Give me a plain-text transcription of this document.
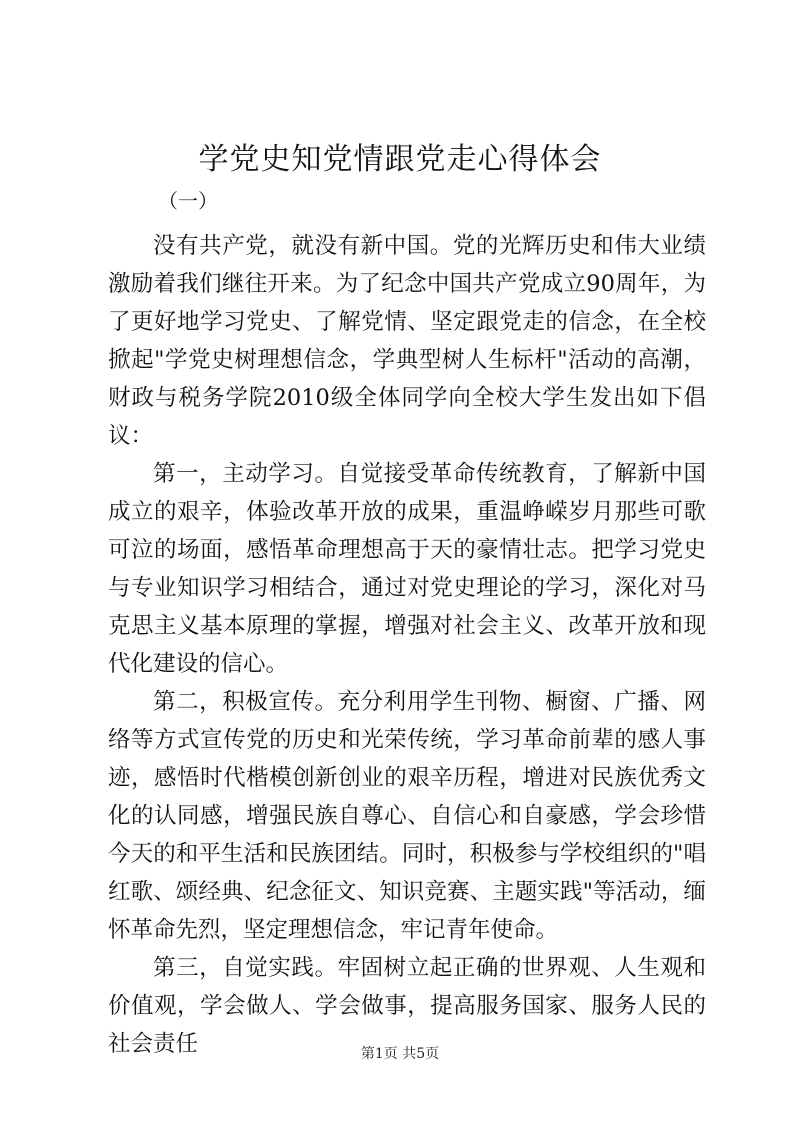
学党史知党情跟党走心得体会

（一）

没有共产党，就没有新中国。党的光辉历史和伟大业绩激励着我们继往开来。为了纪念中国共产党成立90周年，为了更好地学习党史、了解党情、坚定跟党走的信念，在全校掀起"学党史树理想信念，学典型树人生标杆"活动的高潮，财政与税务学院2010级全体同学向全校大学生发出如下倡议：

第一，主动学习。自觉接受革命传统教育，了解新中国成立的艰辛，体验改革开放的成果，重温峥嵘岁月那些可歌可泣的场面，感悟革命理想高于天的豪情壮志。把学习党史与专业知识学习相结合，通过对党史理论的学习，深化对马克思主义基本原理的掌握，增强对社会主义、改革开放和现代化建设的信心。

第二，积极宣传。充分利用学生刊物、橱窗、广播、网络等方式宣传党的历史和光荣传统，学习革命前辈的感人事迹，感悟时代楷模创新创业的艰辛历程，增进对民族优秀文化的认同感，增强民族自尊心、自信心和自豪感，学会珍惜今天的和平生活和民族团结。同时，积极参与学校组织的"唱红歌、颂经典、纪念征文、知识竞赛、主题实践"等活动，缅怀革命先烈，坚定理想信念，牢记青年使命。

第三，自觉实践。牢固树立起正确的世界观、人生观和价值观，学会做人、学会做事，提高服务国家、服务人民的社会责任	第1页 共5页
